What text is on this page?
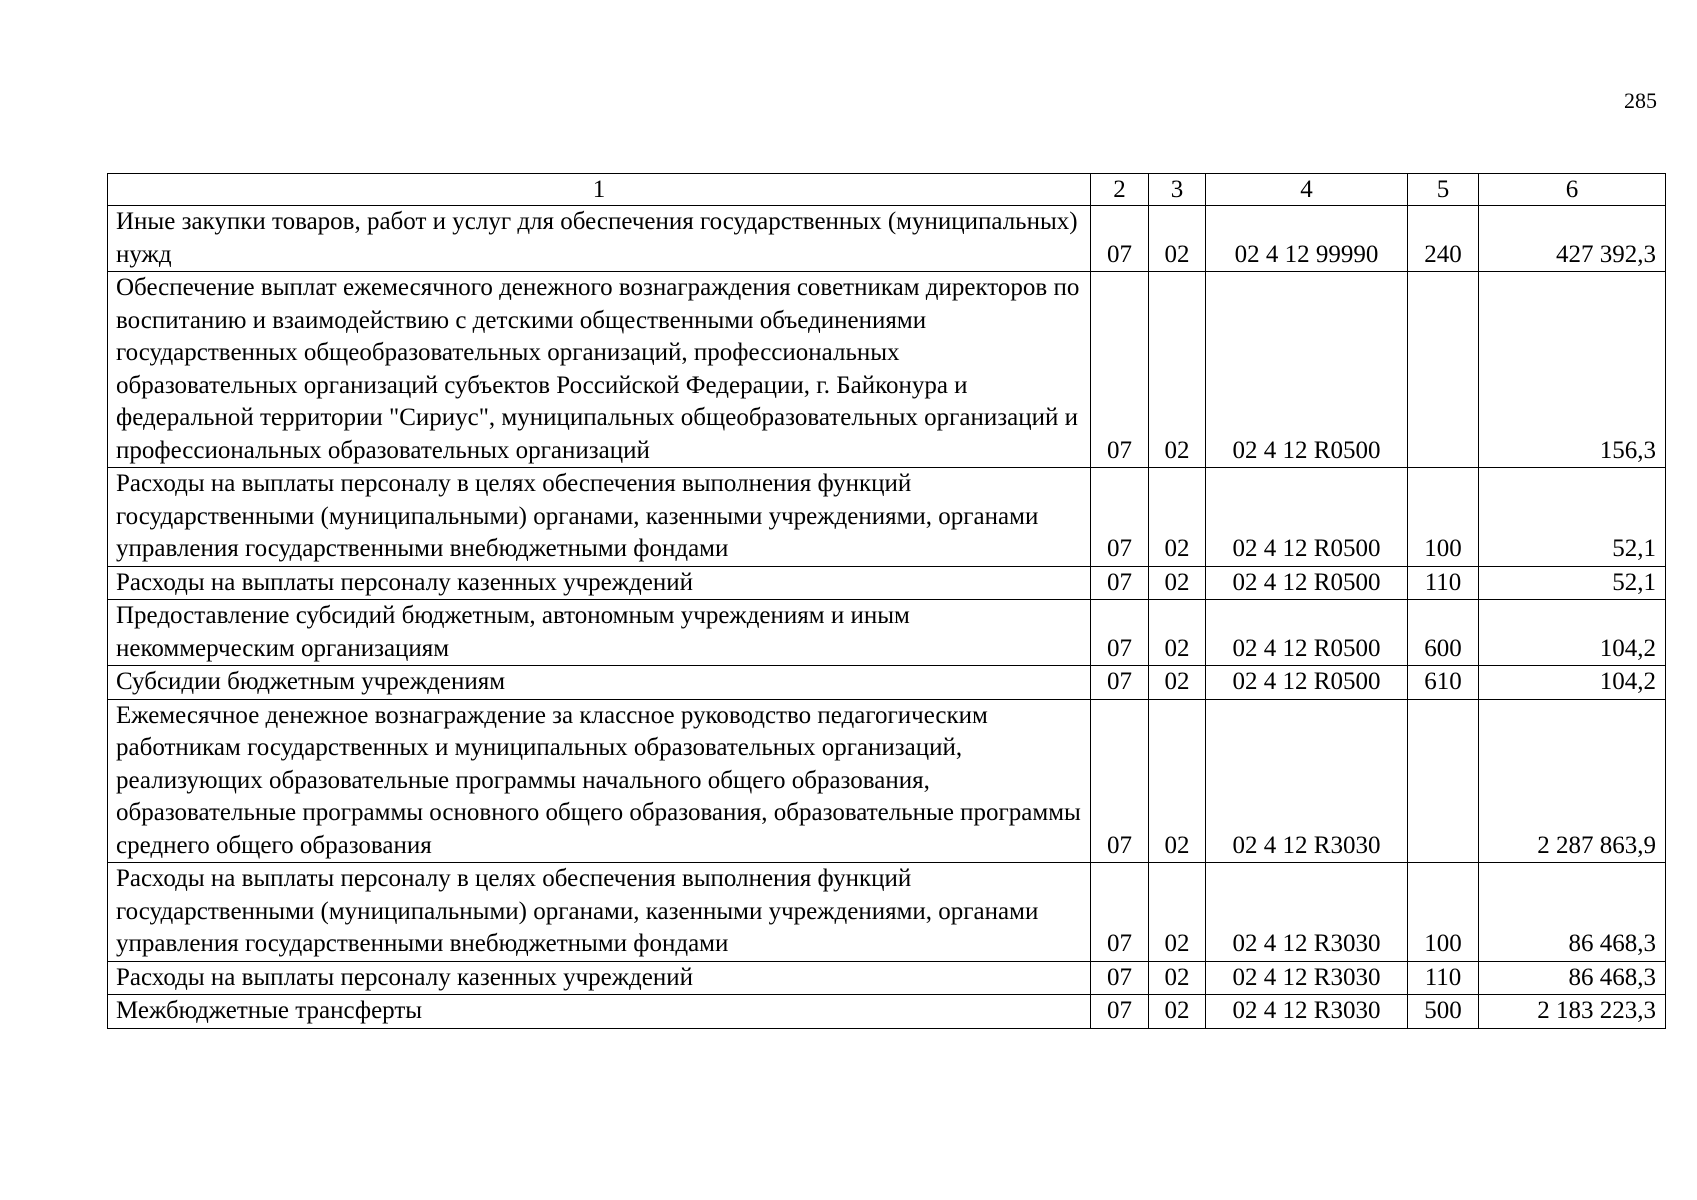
285
1	2	3	4	5	6
Иные закупки товаров, работ и услуг для обеспечения государственных (муниципальных) нужд	07	02	02 4 12 99990	240	427 392,3
Обеспечение выплат ежемесячного денежного вознаграждения советникам директоров по воспитанию и взаимодействию с детскими общественными объединениями государственных общеобразовательных организаций, профессиональных образовательных организаций субъектов Российской Федерации, г. Байконура и федеральной территории "Сириус", муниципальных общеобразовательных организаций и профессиональных образовательных организаций	07	02	02 4 12 R0500		156,3
Расходы на выплаты персоналу в целях обеспечения выполнения функций государственными (муниципальными) органами, казенными учреждениями, органами управления государственными внебюджетными фондами	07	02	02 4 12 R0500	100	52,1
Расходы на выплаты персоналу казенных учреждений	07	02	02 4 12 R0500	110	52,1
Предоставление субсидий бюджетным, автономным учреждениям и иным некоммерческим организациям	07	02	02 4 12 R0500	600	104,2
Субсидии бюджетным учреждениям	07	02	02 4 12 R0500	610	104,2
Ежемесячное денежное вознаграждение за классное руководство педагогическим работникам государственных и муниципальных образовательных организаций, реализующих образовательные программы начального общего образования, образовательные программы основного общего образования, образовательные программы среднего общего образования	07	02	02 4 12 R3030		2 287 863,9
Расходы на выплаты персоналу в целях обеспечения выполнения функций государственными (муниципальными) органами, казенными учреждениями, органами управления государственными внебюджетными фондами	07	02	02 4 12 R3030	100	86 468,3
Расходы на выплаты персоналу казенных учреждений	07	02	02 4 12 R3030	110	86 468,3
Межбюджетные трансферты	07	02	02 4 12 R3030	500	2 183 223,3
